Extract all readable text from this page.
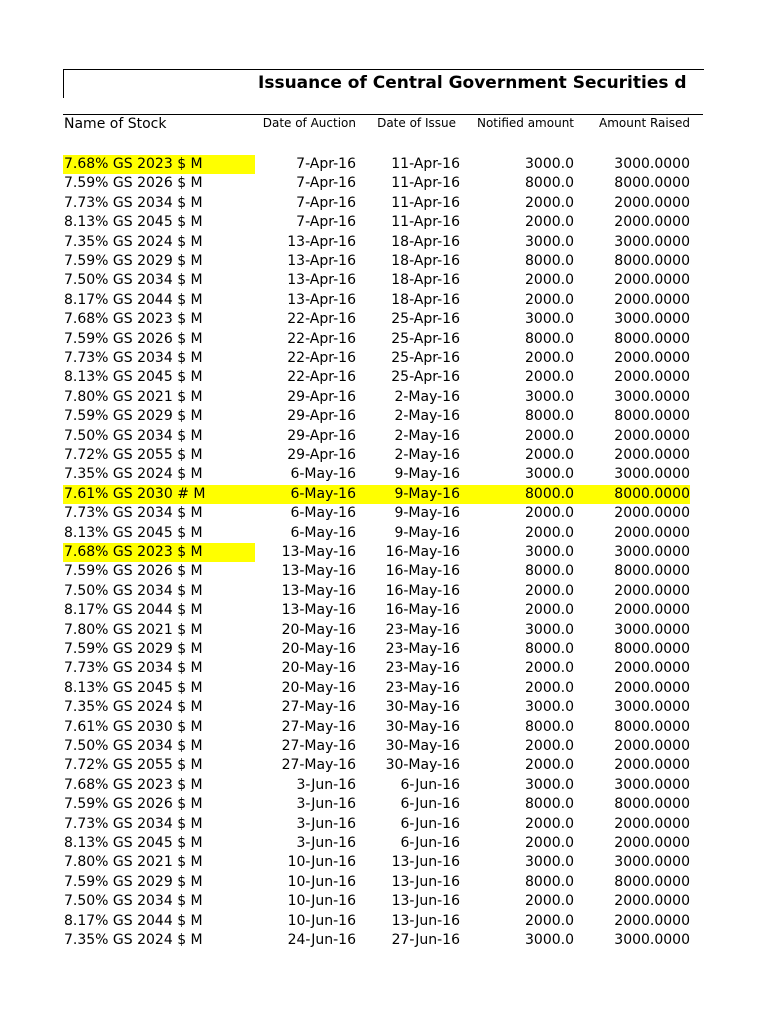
Issuance of Central Government Securities d
Name of Stock	Date of Auction	Date of Issue	Notified amount	Amount Raised
7.68% GS 2023 $ M	7-Apr-16	11-Apr-16	3000.0	3000.0000
7.59% GS 2026 $ M	7-Apr-16	11-Apr-16	8000.0	8000.0000
7.73% GS 2034 $ M	7-Apr-16	11-Apr-16	2000.0	2000.0000
8.13% GS 2045 $ M	7-Apr-16	11-Apr-16	2000.0	2000.0000
7.35% GS 2024 $ M	13-Apr-16	18-Apr-16	3000.0	3000.0000
7.59% GS 2029 $ M	13-Apr-16	18-Apr-16	8000.0	8000.0000
7.50% GS 2034 $ M	13-Apr-16	18-Apr-16	2000.0	2000.0000
8.17% GS 2044 $ M	13-Apr-16	18-Apr-16	2000.0	2000.0000
7.68% GS 2023 $ M	22-Apr-16	25-Apr-16	3000.0	3000.0000
7.59% GS 2026 $ M	22-Apr-16	25-Apr-16	8000.0	8000.0000
7.73% GS 2034 $ M	22-Apr-16	25-Apr-16	2000.0	2000.0000
8.13% GS 2045 $ M	22-Apr-16	25-Apr-16	2000.0	2000.0000
7.80% GS 2021 $ M	29-Apr-16	2-May-16	3000.0	3000.0000
7.59% GS 2029 $ M	29-Apr-16	2-May-16	8000.0	8000.0000
7.50% GS 2034 $ M	29-Apr-16	2-May-16	2000.0	2000.0000
7.72% GS 2055 $ M	29-Apr-16	2-May-16	2000.0	2000.0000
7.35% GS 2024 $ M	6-May-16	9-May-16	3000.0	3000.0000
7.61% GS 2030 # M	6-May-16	9-May-16	8000.0	8000.0000
7.73% GS 2034 $ M	6-May-16	9-May-16	2000.0	2000.0000
8.13% GS 2045 $ M	6-May-16	9-May-16	2000.0	2000.0000
7.68% GS 2023 $ M	13-May-16	16-May-16	3000.0	3000.0000
7.59% GS 2026 $ M	13-May-16	16-May-16	8000.0	8000.0000
7.50% GS 2034 $ M	13-May-16	16-May-16	2000.0	2000.0000
8.17% GS 2044 $ M	13-May-16	16-May-16	2000.0	2000.0000
7.80% GS 2021 $ M	20-May-16	23-May-16	3000.0	3000.0000
7.59% GS 2029 $ M	20-May-16	23-May-16	8000.0	8000.0000
7.73% GS 2034 $ M	20-May-16	23-May-16	2000.0	2000.0000
8.13% GS 2045 $ M	20-May-16	23-May-16	2000.0	2000.0000
7.35% GS 2024 $ M	27-May-16	30-May-16	3000.0	3000.0000
7.61% GS 2030 $ M	27-May-16	30-May-16	8000.0	8000.0000
7.50% GS 2034 $ M	27-May-16	30-May-16	2000.0	2000.0000
7.72% GS 2055 $ M	27-May-16	30-May-16	2000.0	2000.0000
7.68% GS 2023 $ M	3-Jun-16	6-Jun-16	3000.0	3000.0000
7.59% GS 2026 $ M	3-Jun-16	6-Jun-16	8000.0	8000.0000
7.73% GS 2034 $ M	3-Jun-16	6-Jun-16	2000.0	2000.0000
8.13% GS 2045 $ M	3-Jun-16	6-Jun-16	2000.0	2000.0000
7.80% GS 2021 $ M	10-Jun-16	13-Jun-16	3000.0	3000.0000
7.59% GS 2029 $ M	10-Jun-16	13-Jun-16	8000.0	8000.0000
7.50% GS 2034 $ M	10-Jun-16	13-Jun-16	2000.0	2000.0000
8.17% GS 2044 $ M	10-Jun-16	13-Jun-16	2000.0	2000.0000
7.35% GS 2024 $ M	24-Jun-16	27-Jun-16	3000.0	3000.0000
